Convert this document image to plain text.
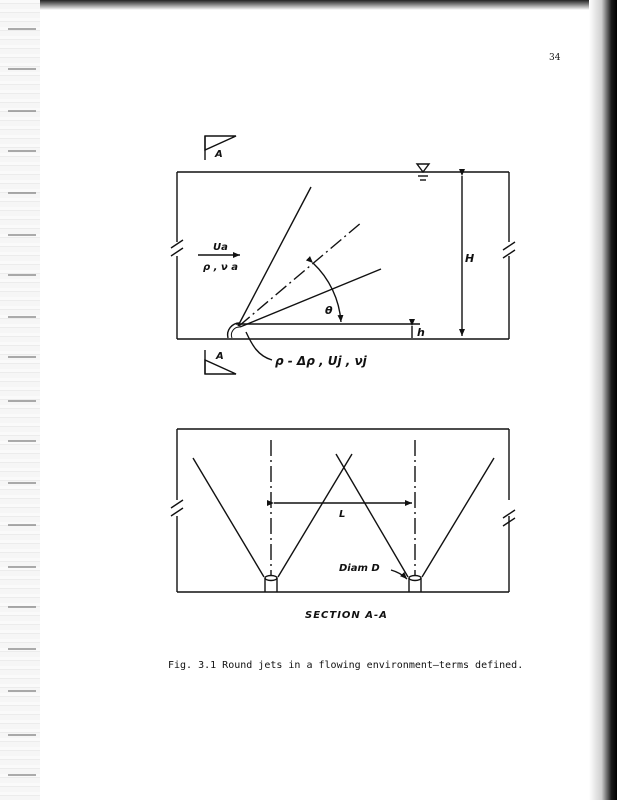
34
A
H
h
Ua
ρ , ν a
θ
ρ - Δρ , Uj , νj
A
L
Diam D
SECTION A-A
Fig. 3.1 Round jets in a flowing environment—terms defined.
